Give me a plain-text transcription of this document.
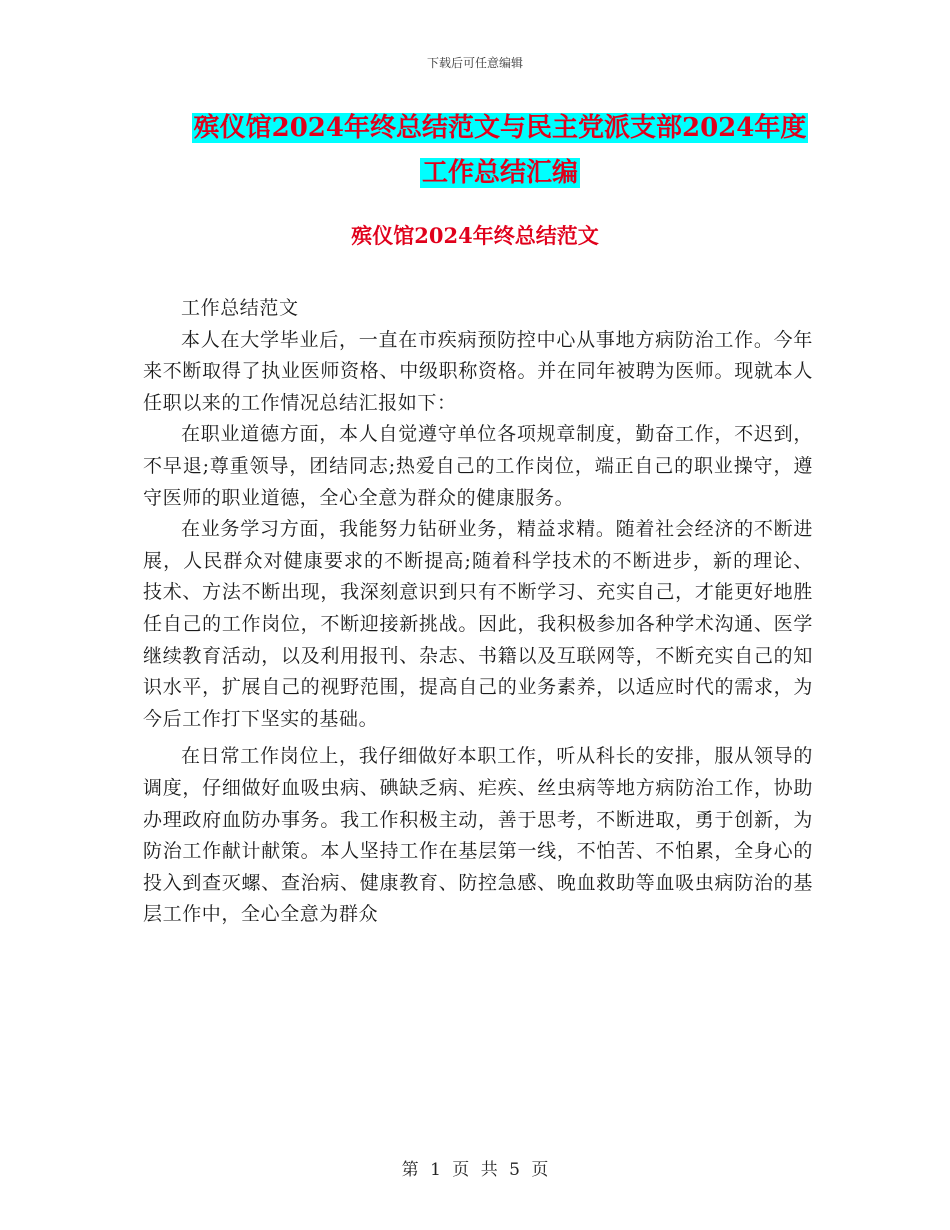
下载后可任意编辑
殡仪馆2024年终总结范文与民主党派支部2024年度
工作总结汇编
殡仪馆2024年终总结范文

工作总结范文

本人在大学毕业后，一直在市疾病预防控中心从事地方病防治工作。今年来不断取得了执业医师资格、中级职称资格。并在同年被聘为医师。现就本人任职以来的工作情况总结汇报如下：

在职业道德方面，本人自觉遵守单位各项规章制度，勤奋工作，不迟到，不早退;尊重领导，团结同志;热爱自己的工作岗位，端正自己的职业操守，遵守医师的职业道德，全心全意为群众的健康服务。

在业务学习方面，我能努力钻研业务，精益求精。随着社会经济的不断进展，人民群众对健康要求的不断提高;随着科学技术的不断进步，新的理论、技术、方法不断出现，我深刻意识到只有不断学习、充实自己，才能更好地胜任自己的工作岗位，不断迎接新挑战。因此，我积极参加各种学术沟通、医学继续教育活动，以及利用报刊、杂志、书籍以及互联网等，不断充实自己的知识水平，扩展自己的视野范围，提高自己的业务素养，以适应时代的需求，为今后工作打下坚实的基础。

在日常工作岗位上，我仔细做好本职工作，听从科长的安排，服从领导的调度，仔细做好血吸虫病、碘缺乏病、疟疾、丝虫病等地方病防治工作，协助办理政府血防办事务。我工作积极主动，善于思考，不断进取，勇于创新，为防治工作献计献策。本人坚持工作在基层第一线，不怕苦、不怕累，全身心的投入到查灭螺、查治病、健康教育、防控急感、晚血救助等血吸虫病防治的基层工作中，全心全意为群众

第 1 页 共 5 页
